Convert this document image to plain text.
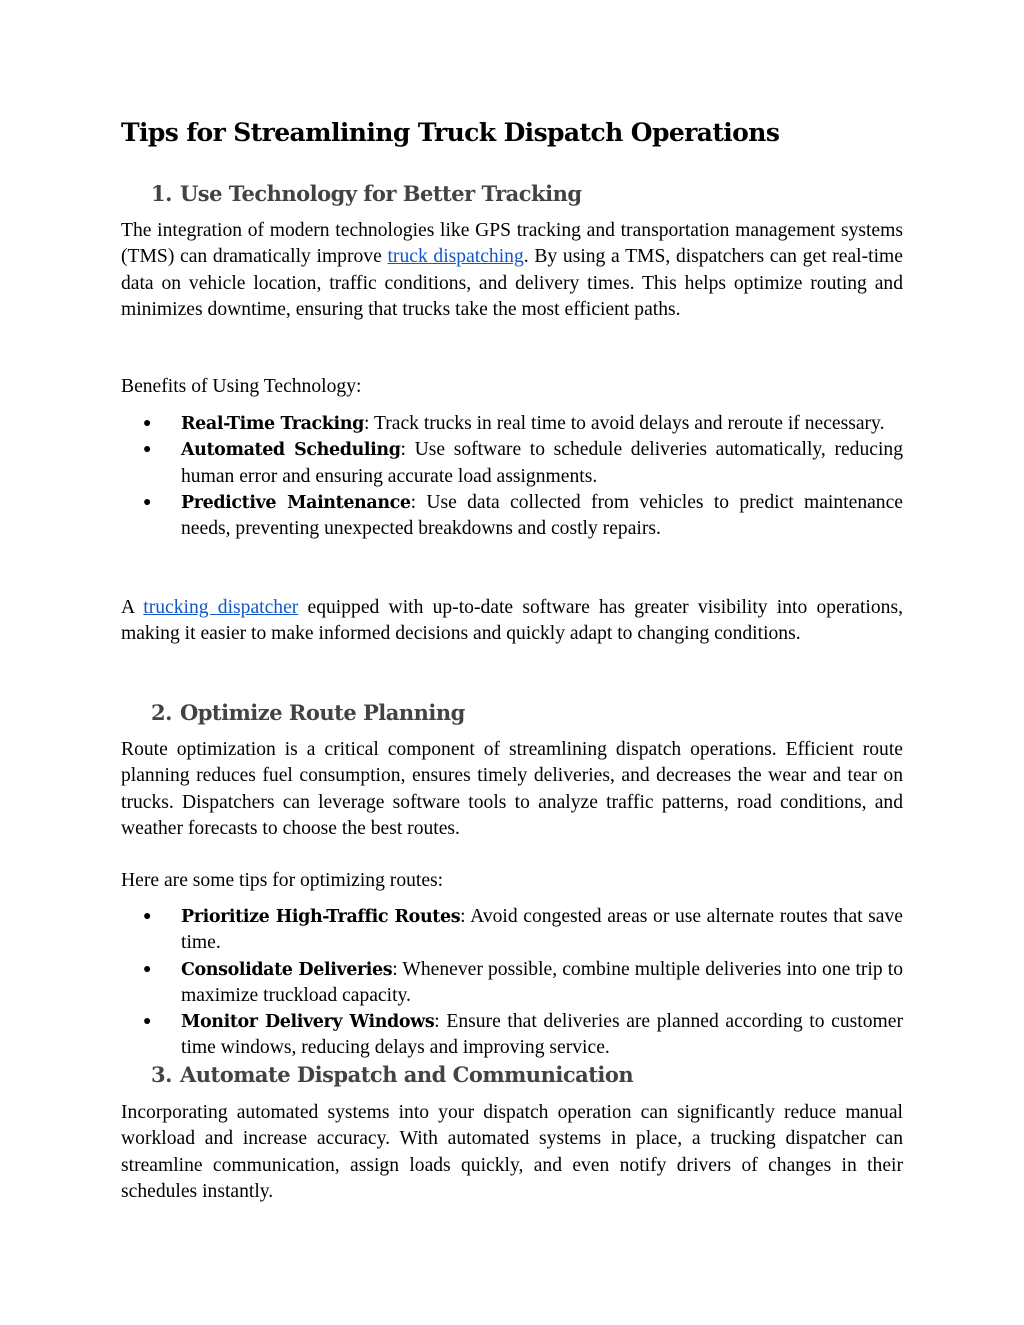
Tips for Streamlining Truck Dispatch Operations
1. Use Technology for Better Tracking

The integration of modern technologies like GPS tracking and transportation management systems (TMS) can dramatically improve truck dispatching. By using a TMS, dispatchers can get real-time data on vehicle location, traffic conditions, and delivery times. This helps optimize routing and minimizes downtime, ensuring that trucks take the most efficient paths.

Benefits of Using Technology:

● Real-Time Tracking: Track trucks in real time to avoid delays and reroute if necessary.
● Automated Scheduling: Use software to schedule deliveries automatically, reducing human error and ensuring accurate load assignments.
● Predictive Maintenance: Use data collected from vehicles to predict maintenance needs, preventing unexpected breakdowns and costly repairs.

A trucking dispatcher equipped with up-to-date software has greater visibility into operations, making it easier to make informed decisions and quickly adapt to changing conditions.

2. Optimize Route Planning

Route optimization is a critical component of streamlining dispatch operations. Efficient route planning reduces fuel consumption, ensures timely deliveries, and decreases the wear and tear on trucks. Dispatchers can leverage software tools to analyze traffic patterns, road conditions, and weather forecasts to choose the best routes.

Here are some tips for optimizing routes:

● Prioritize High-Traffic Routes: Avoid congested areas or use alternate routes that save time.
● Consolidate Deliveries: Whenever possible, combine multiple deliveries into one trip to maximize truckload capacity.
● Monitor Delivery Windows: Ensure that deliveries are planned according to customer time windows, reducing delays and improving service.
3. Automate Dispatch and Communication

Incorporating automated systems into your dispatch operation can significantly reduce manual workload and increase accuracy. With automated systems in place, a trucking dispatcher can streamline communication, assign loads quickly, and even notify drivers of changes in their schedules instantly.
